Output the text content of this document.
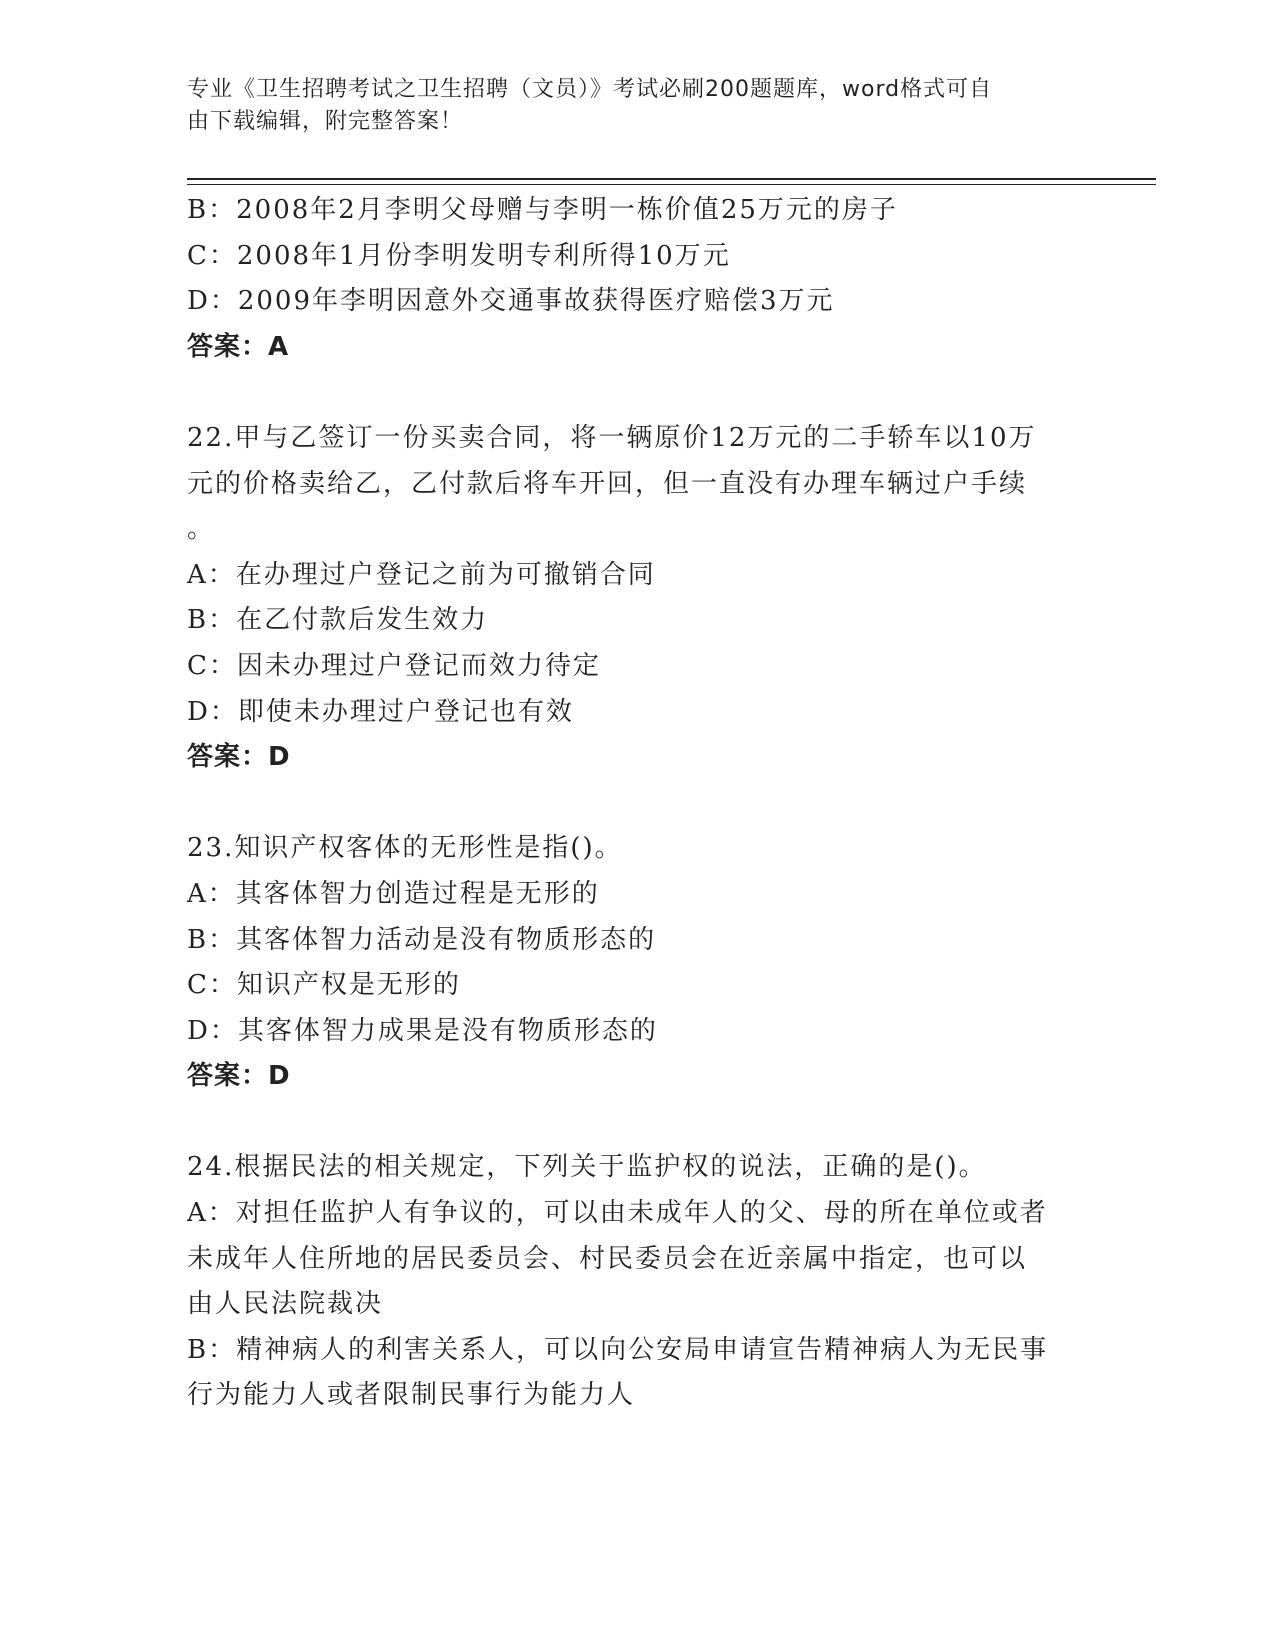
专业《卫生招聘考试之卫生招聘（文员）》考试必刷200题题库，word格式可自
由下载编辑，附完整答案！
B：2008年2月李明父母赠与李明一栋价值25万元的房子
C：2008年1月份李明发明专利所得10万元
D：2009年李明因意外交通事故获得医疗赔偿3万元
答案：A
22.甲与乙签订一份买卖合同，将一辆原价12万元的二手轿车以10万
元的价格卖给乙，乙付款后将车开回，但一直没有办理车辆过户手续
。
A：在办理过户登记之前为可撤销合同
B：在乙付款后发生效力
C：因未办理过户登记而效力待定
D：即使未办理过户登记也有效
答案：D
23.知识产权客体的无形性是指()。
A：其客体智力创造过程是无形的
B：其客体智力活动是没有物质形态的
C：知识产权是无形的
D：其客体智力成果是没有物质形态的
答案：D
24.根据民法的相关规定，下列关于监护权的说法，正确的是()。
A：对担任监护人有争议的，可以由未成年人的父、母的所在单位或者
未成年人住所地的居民委员会、村民委员会在近亲属中指定，也可以
由人民法院裁决
B：精神病人的利害关系人，可以向公安局申请宣告精神病人为无民事
行为能力人或者限制民事行为能力人
